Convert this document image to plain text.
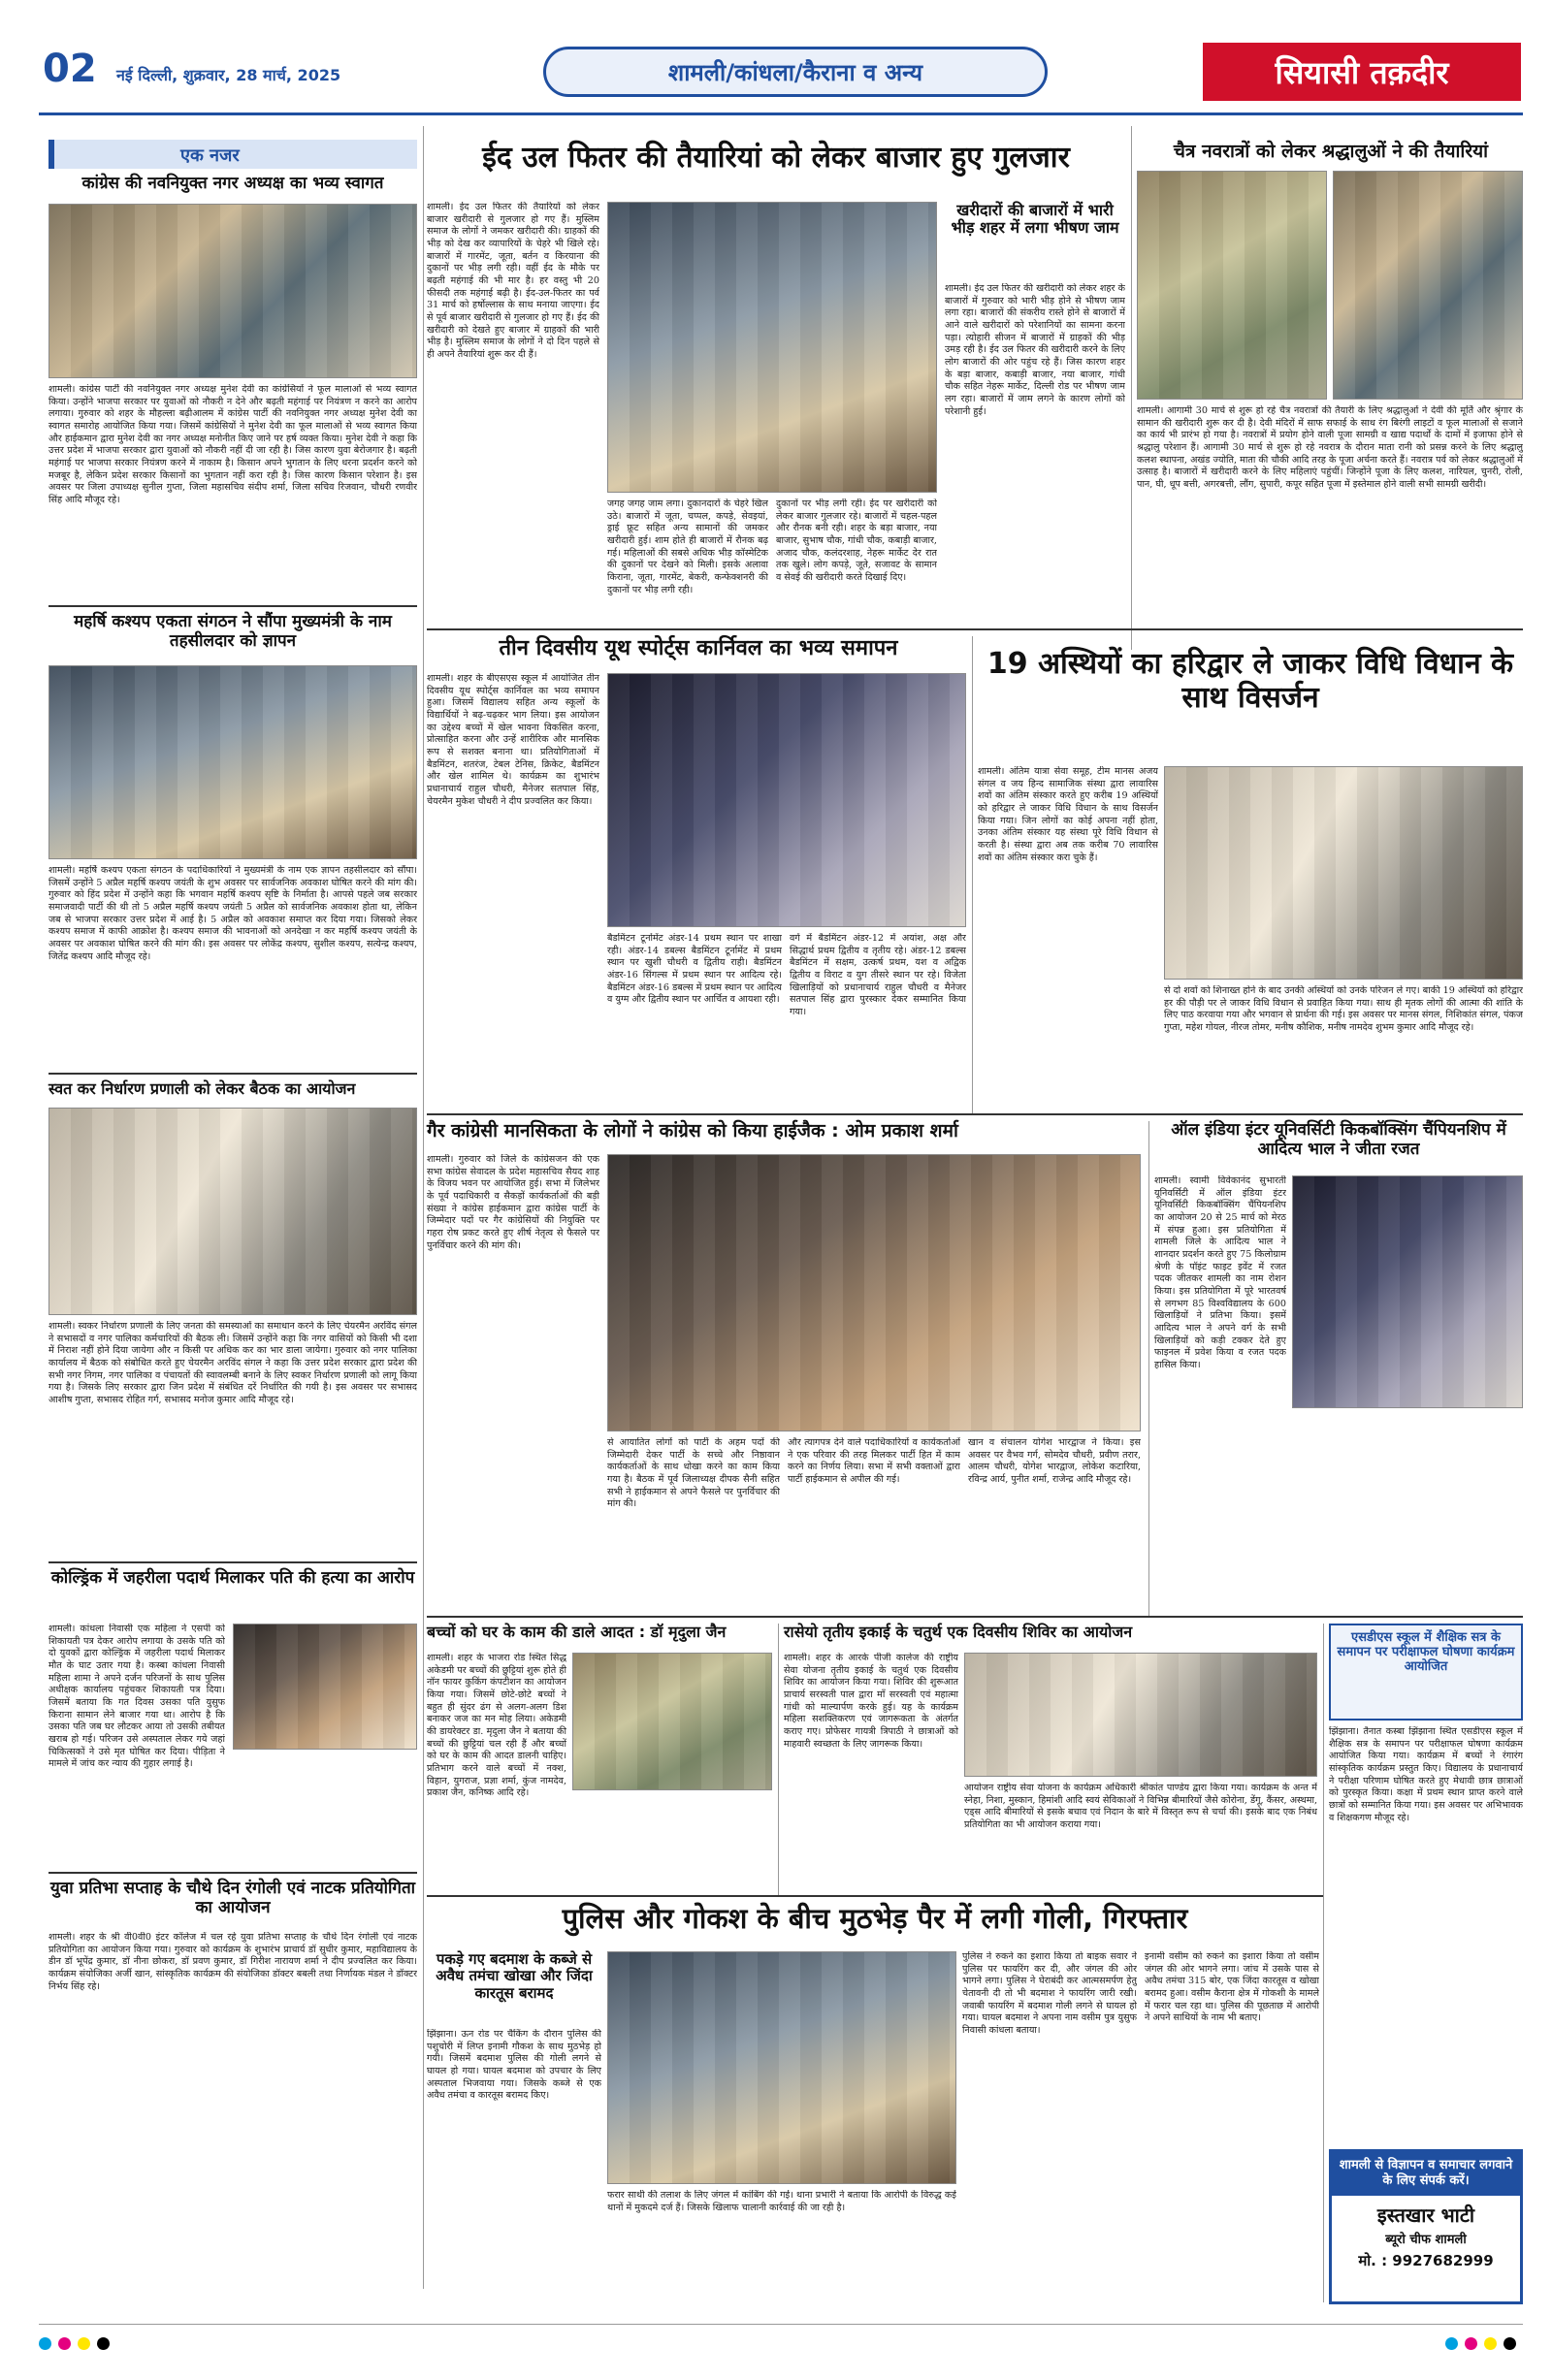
02 नई दिल्ली, शुक्रवार, 28 मार्च, 2025	शामली/कांधला/कैराना व अन्य	सियासी तक़दीर
एक नजर
कांग्रेस की नवनियुक्त नगर अध्यक्ष का भव्य स्वागत
शामली। कांग्रेस पार्टी की नवनियुक्त नगर अध्यक्ष मुनेश देवी का कांग्रेसियों ने फूल मालाओं से भव्य स्वागत किया। उन्होंने भाजपा सरकार पर युवाओं को नौकरी न देने और बढ़ती महंगाई पर नियंत्रण न करने का आरोप लगाया। गुरुवार को शहर के मौहल्ला बढ़ीआलम में कांग्रेस पार्टी की नवनियुक्त नगर अध्यक्ष मुनेश देवी का स्वागत समारोह आयोजित किया गया। जिसमें कांग्रेसियों ने मुनेश देवी का फूल मालाओं से भव्य स्वागत किया और हाईकमान द्वारा मुनेश देवी का नगर अध्यक्ष मनोनीत किए जाने पर हर्ष व्यक्त किया। मुनेश देवी ने कहा कि उत्तर प्रदेश में भाजपा सरकार द्वारा युवाओं को नौकरी नहीं दी जा रही है। जिस कारण युवा बेरोजगार है। बढ़ती महंगाई पर भाजपा सरकार नियंत्रण करने में नाकाम है। किसान अपने भुगतान के लिए धरना प्रदर्शन करने को मजबूर है, लेकिन प्रदेश सरकार किसानों का भुगतान नहीं करा रही है। जिस कारण किसान परेशान है। इस अवसर पर जिला उपाध्यक्ष सुनील गुप्ता, जिला महासचिव संदीप शर्मा, जिला सचिव रिजवान, चौधरी रणवीर सिंह आदि मौजूद रहे।
महर्षि कश्यप एकता संगठन ने सौंपा मुख्यमंत्री के नाम तहसीलदार को ज्ञापन
शामली। महर्षि कश्यप एकता संगठन के पदाधिकारियों ने मुख्यमंत्री के नाम एक ज्ञापन तहसीलदार को सौंपा। जिसमें उन्होंने 5 अप्रैल महर्षि कश्यप जयंती के शुभ अवसर पर सार्वजनिक अवकाश घोषित करने की मांग की। गुरुवार को हिंद प्रदेश में उन्होंने कहा कि भगवान महर्षि कश्यप सृष्टि के निर्माता है। आपसे पहले जब सरकार समाजवादी पार्टी की थी तो 5 अप्रैल महर्षि कश्यप जयंती 5 अप्रैल को सार्वजनिक अवकाश होता था, लेकिन जब से भाजपा सरकार उत्तर प्रदेश में आई है। 5 अप्रैल को अवकाश समाप्त कर दिया गया। जिसको लेकर कश्यप समाज में काफी आक्रोश है। कश्यप समाज की भावनाओं को अनदेखा न कर महर्षि कश्यप जयंती के अवसर पर अवकाश घोषित करने की मांग की। इस अवसर पर लोकेंद्र कश्यप, सुशील कश्यप, सत्येन्द्र कश्यप, जितेंद्र कश्यप आदि मौजूद रहे।
स्वत कर निर्धारण प्रणाली को लेकर बैठक का आयोजन
शामली। स्वकर निर्धारण प्रणाली के लिए जनता की समस्याओं का समाधान करने के लिए चेयरमैन अरविंद संगल ने सभासदों व नगर पालिका कर्मचारियों की बैठक ली। जिसमें उन्होंने कहा कि नगर वासियों को किसी भी दशा में निराश नहीं होने दिया जायेगा और न किसी पर अधिक कर का भार डाला जायेगा। गुरुवार को नगर पालिका कार्यालय में बैठक को संबोधित करते हुए चेयरमैन अरविंद संगल ने कहा कि उत्तर प्रदेश सरकार द्वारा प्रदेश की सभी नगर निगम, नगर पालिका व पंचायतों की स्वावलम्बी बनाने के लिए स्वकर निर्धारण प्रणाली को लागू किया गया है। जिसके लिए सरकार द्वारा जिन प्रदेश में संबंधित दरें निर्धारित की गयी है। इस अवसर पर सभासद आशीष गुप्ता, सभासद रोहित गर्ग, सभासद मनोज कुमार आदि मौजूद रहे।
कोल्ड्रिंक में जहरीला पदार्थ मिलाकर पति की हत्या का आरोप
शामली। कांधला निवासी एक महिला ने एसपी को शिकायती पत्र देकर आरोप लगाया के उसके पति को दो युवकों द्वारा कोल्ड्रिंक में जहरीला पदार्थ मिलाकर मौत के घाट उतार गया है। कस्बा कांधला निवासी महिला शामा ने अपने दर्जन परिजनों के साथ पुलिस अधीक्षक कार्यालय पहुंचकर शिकायती पत्र दिया। जिसमें बताया कि गत दिवस उसका पति युसुफ किराना सामान लेने बाजार गया था। आरोप है कि उसका पति जब घर लौटकर आया तो उसकी तबीयत खराब हो गई। परिजन उसे अस्पताल लेकर गये जहां चिकित्सकों ने उसे मृत घोषित कर दिया। पीड़िता ने मामले में जांच कर न्याय की गुहार लगाई है।
युवा प्रतिभा सप्ताह के चौथे दिन रंगोली एवं नाटक प्रतियोगिता का आयोजन
शामली। शहर के श्री वी0वी0 इंटर कॉलेज में चल रहे युवा प्रतिभा सप्ताह के चौथे दिन रंगोली एवं नाटक प्रतियोगिता का आयोजन किया गया। गुरुवार को कार्यक्रम के शुभारंभ प्राचार्य डॉ सुधीर कुमार, महाविद्यालय के डीन डॉ भूपेंद्र कुमार, डॉ नीना छोकरा, डॉ प्रवण कुमार, डॉ गिरीश नारायण शर्मा ने दीप प्रज्वलित कर किया। कार्यक्रम संयोजिका अर्जी खान, सांस्कृतिक कार्यक्रम की संयोजिका डॉक्टर बबली तथा निर्णायक मंडल ने डॉक्टर निर्भय सिंह रहे।
ईद उल फितर की तैयारियां को लेकर बाजार हुए गुलजार
शामली। ईद उल फितर की तैयारियों को लेकर बाजार खरीदारी से गुलजार हो गए हैं। मुस्लिम समाज के लोगों ने जमकर खरीदारी की। ग्राहकों की भीड़ को देख कर व्यापारियों के चेहरे भी खिले रहे। बाजारों में गारमेंट, जूता, बर्तन व किरयाना की दुकानों पर भीड़ लगी रही। वहीं ईद के मौके पर बढ़ती महंगाई की भी मार है। हर वस्तु भी 20 फीसदी तक महंगाई बढ़ी है। ईद-उल-फितर का पर्व 31 मार्च को हर्षोल्लास के साथ मनाया जाएगा। ईद से पूर्व बाजार खरीदारी से गुलजार हो गए हैं। ईद की खरीदारी को देखते हुए बाजार में ग्राहकों की भारी भीड़ है। मुस्लिम समाज के लोगों ने दो दिन पहले से ही अपने तैयारियां शुरू कर दी हैं।
जगह जगह जाम लगा। दुकानदारों के चेहरे खिल उठे। बाजारों में जूता, चप्पल, कपड़े, सेवइयां, ड्राई फ्रूट सहित अन्य सामानों की जमकर खरीदारी हुई। शाम होते ही बाजारों में रौनक बढ़ गई। महिलाओं की सबसे अधिक भीड़ कॉस्मेटिक की दुकानों पर देखने को मिली। इसके अलावा किराना, जूता, गारमेंट, बेकरी, कन्फेक्शनरी की दुकानों पर भीड़ लगी रही।
दुकानों पर भीड़ लगी रही। ईद पर खरीदारी को लेकर बाजार गुलजार रहे। बाजारों में चहल-पहल और रौनक बनी रही। शहर के बड़ा बाजार, नया बाजार, सुभाष चौक, गांधी चौक, कबाड़ी बाजार, अजाद चौक, कलंदरशाह, नेहरू मार्केट देर रात तक खुले। लोग कपड़े, जूते, सजावट के सामान व सेवई की खरीदारी करते दिखाई दिए।
खरीदारों की बाजारों में भारी भीड़ शहर में लगा भीषण जाम
शामली। ईद उल फितर की खरीदारी को लेकर शहर के बाजारों में गुरुवार को भारी भीड़ होने से भीषण जाम लगा रहा। बाजारों की संकरीय रास्ते होने से बाजारों में आने वाले खरीदारों को परेशानियों का सामना करना पड़ा। त्योहारी सीजन में बाजारों में ग्राहकों की भीड़ उमड़ रही है। ईद उल फितर की खरीदारी करने के लिए लोग बाजारों की ओर पहुंच रहे हैं। जिस कारण शहर के बड़ा बाजार, कबाड़ी बाजार, नया बाजार, गांधी चौक सहित नेहरू मार्केट, दिल्ली रोड पर भीषण जाम लग रहा। बाजारों में जाम लगने के कारण लोगों को परेशानी हुई।
चैत्र नवरात्रों को लेकर श्रद्धालुओं ने की तैयारियां
शामली। आगामी 30 मार्च से शुरू हो रहे चैत्र नवरात्रों की तैयारी के लिए श्रद्धालुओं ने देवी की मूर्ति और श्रृंगार के सामान की खरीदारी शुरू कर दी है। देवी मंदिरों में साफ सफाई के साथ रंग बिरंगी लाइटों व फूल मालाओं से सजाने का कार्य भी प्रारंभ हो गया है। नवरात्रों में प्रयोग होने वाली पूजा सामग्री व खाद्य पदार्थों के दामों में इजाफा होने से श्रद्धालु परेशान हैं। आगामी 30 मार्च से शुरू हो रहे नवरात्र के दौरान माता रानी को प्रसन्न करने के लिए श्रद्धालु कलश स्थापना, अखंड ज्योति, माता की चौकी आदि तरह के पूजा अर्चना करते हैं। नवरात्र पर्व को लेकर श्रद्धालुओं में उत्साह है। बाजारों में खरीदारी करने के लिए महिलाएं पहुंचीं। जिन्होंने पूजा के लिए कलश, नारियल, चुनरी, रोली, पान, घी, धूप बत्ती, अगरबत्ती, लौंग, सुपारी, कपूर सहित पूजा में इस्तेमाल होने वाली सभी सामग्री खरीदी।
तीन दिवसीय यूथ स्पोर्ट्स कार्निवल का भव्य समापन
शामली। शहर के बीएसएस स्कूल में आयोजित तीन दिवसीय यूथ स्पोर्ट्स कार्निवल का भव्य समापन हुआ। जिसमें विद्यालय सहित अन्य स्कूलों के विद्यार्थियों ने बढ़-चढ़कर भाग लिया। इस आयोजन का उद्देश्य बच्चों में खेल भावना विकसित करना, प्रोत्साहित करना और उन्हें शारीरिक और मानसिक रूप से सशक्त बनाना था। प्रतियोगिताओं में बैडमिंटन, शतरंज, टेबल टेनिस, क्रिकेट, बैडमिंटन और खेल शामिल थे। कार्यक्रम का शुभारंभ प्रधानाचार्य राहुल चौधरी, मैनेजर सतपाल सिंह, चेयरमैन मुकेश चौधरी ने दीप प्रज्वलित कर किया।
बैडमिंटन टूर्नामेंट अंडर-14 प्रथम स्थान पर शाखा रही। अंडर-14 डबल्स बैडमिंटन टूर्नामेंट में प्रथम स्थान पर खुशी चौधरी व द्वितीय राही। बैडमिंटन अंडर-16 सिंगल्स में प्रथम स्थान पर आदित्य रहे। बैडमिंटन अंडर-16 डबल्स में प्रथम स्थान पर आदित्य व युग्म और द्वितीय स्थान पर आर्चित व आयशा रही।
वर्ग में बैडमिंटन अंडर-12 में अयांश, अक्ष और सिद्धार्थ प्रथम द्वितीय व तृतीय रहे। अंडर-12 डबल्स बैडमिंटन में सक्षम, उत्कर्ष प्रथम, यश व अद्विक द्वितीय व विराट व युग तीसरे स्थान पर रहे। विजेता खिलाड़ियों को प्रधानाचार्य राहुल चौधरी व मैनेजर सतपाल सिंह द्वारा पुरस्कार देकर सम्मानित किया गया।
19 अस्थियों का हरिद्वार ले जाकर विधि विधान के साथ विसर्जन
शामली। अंतिम यात्रा सेवा समूह, टीम मानस अजय संगल व जय हिन्द सामाजिक संस्था द्वारा लावारिस शवों का अंतिम संस्कार करते हुए करीब 19 अस्थियों को हरिद्वार ले जाकर विधि विधान के साथ विसर्जन किया गया। जिन लोगों का कोई अपना नहीं होता, उनका अंतिम संस्कार यह संस्था पूरे विधि विधान से करती है। संस्था द्वारा अब तक करीब 70 लावारिस शवों का अंतिम संस्कार करा चुके हैं।
से दो शवों को शिनाख्त होने के बाद उनकी अस्थियों को उनके परिजन ले गए। बाकी 19 अस्थियों को हरिद्वार हर की पौड़ी पर ले जाकर विधि विधान से प्रवाहित किया गया। साथ ही मृतक लोगों की आत्मा की शांति के लिए पाठ करवाया गया और भगवान से प्रार्थना की गई। इस अवसर पर मानस संगल, निशिकांत संगल, पंकज गुप्ता, महेश गोयल, नीरज तोमर, मनीष कौशिक, मनीष नामदेव शुभम कुमार आदि मौजूद रहे।
गैर कांग्रेसी मानसिकता के लोगों ने कांग्रेस को किया हाईजैक : ओम प्रकाश शर्मा
शामली। गुरुवार को जिले के कांग्रेसजन की एक सभा कांग्रेस सेवादल के प्रदेश महासचिव सैयद शाह के विजय भवन पर आयोजित हुई। सभा में जिलेभर के पूर्व पदाधिकारी व सैकड़ों कार्यकर्ताओं की बड़ी संख्या ने कांग्रेस हाईकमान द्वारा कांग्रेस पार्टी के जिम्मेदार पदों पर गैर कांग्रेसियों की नियुक्ति पर गहरा रोष प्रकट करते हुए शीर्ष नेतृत्व से फैसले पर पुनर्विचार करने की मांग की।
से आयातित लोगों को पार्टी के अहम पदों की जिम्मेदारी देकर पार्टी के सच्चे और निष्ठावान कार्यकर्ताओं के साथ धोखा करने का काम किया गया है। बैठक में पूर्व जिलाध्यक्ष दीपक सैनी सहित सभी ने हाईकमान से अपने फैसले पर पुनर्विचार की मांग की।
और त्यागपत्र देने वाले पदाधिकारियों व कार्यकर्ताओं ने एक परिवार की तरह मिलकर पार्टी हित में काम करने का निर्णय लिया। सभा में सभी वक्ताओं द्वारा पार्टी हाईकमान से अपील की गई।
खान व संचालन योगेश भारद्वाज ने किया। इस अवसर पर वैभव गर्ग, सोमदेव चौधरी, प्रवीण तरार, आलम चौधरी, योगेश भारद्वाज, लोकेश कटारिया, रविन्द्र आर्य, पुनीत शर्मा, राजेन्द्र आदि मौजूद रहे।
ऑल इंडिया इंटर यूनिवर्सिटी किकबॉक्सिंग चैंपियनशिप में आदित्य भाल ने जीता रजत
शामली। स्वामी विवेकानंद सुभारती यूनिवर्सिटी में ऑल इंडिया इंटर यूनिवर्सिटी किकबॉक्सिंग चैंपियनशिप का आयोजन 20 से 25 मार्च को मेरठ में संपन्न हुआ। इस प्रतियोगिता में शामली जिले के आदित्य भाल ने शानदार प्रदर्शन करते हुए 75 किलोग्राम श्रेणी के पॉइंट फाइट इवेंट में रजत पदक जीतकर शामली का नाम रोशन किया। इस प्रतियोगिता में पूरे भारतवर्ष से लगभग 85 विश्वविद्यालय के 600 खिलाड़ियों ने प्रतिभा किया। इसमें आदित्य भाल ने अपने वर्ग के सभी खिलाड़ियों को कड़ी टक्कर देते हुए फाइनल में प्रवेश किया व रजत पदक हासिल किया।
बच्चों को घर के काम की डाले आदत : डॉ मृदुला जैन
शामली। शहर के भाजरा रोड स्थित सिद्ध अकेडमी पर बच्चों की छुट्टियां शुरू होते ही नॉन फायर कुकिंग कंपटीशन का आयोजन किया गया। जिसमें छोटे-छोटे बच्चों ने बहुत ही सुंदर ढंग से अलग-अलग डिश बनाकर जज का मन मोह लिया। अकेडमी की डायरेक्टर डा. मृदुला जैन ने बताया की बच्चों की छुट्टियां चल रही हैं और बच्चों को घर के काम की आदत डालनी चाहिए। प्रतिभाग करने वाले बच्चों में नक्श, विहान, युगराज, प्रज्ञा शर्मा, कुंज नामदेव, प्रकाश जैन, कनिष्क आदि रहे।
रासेयो तृतीय इकाई के चतुर्थ एक दिवसीय शिविर का आयोजन
शामली। शहर के आरके पीजी कालेज की राष्ट्रीय सेवा योजना तृतीय इकाई के चतुर्थ एक दिवसीय शिविर का आयोजन किया गया। शिविर की शुरूआत प्राचार्य सरस्वती पाल द्वारा माँ सरस्वती एवं महात्मा गांधी को माल्यार्पण करके हुई। यह के कार्यक्रम महिला सशक्तिकरण एवं जागरूकता के अंतर्गत कराए गए। प्रोफेसर गायत्री त्रिपाठी ने छात्राओं को माहवारी स्वच्छता के लिए जागरूक किया।
आयोजन राष्ट्रीय सेवा योजना के कार्यक्रम अधिकारी श्रीकांत पाण्डेय द्वारा किया गया। कार्यक्रम के अन्त में स्नेहा, निशा, मुस्कान, हिमांशी आदि स्वयं सेविकाओं ने विभिन्न बीमारियों जैसे कोरोना, डेंगू, कैंसर, अस्थमा, एड्स आदि बीमारियों से इसके बचाव एवं निदान के बारे में विस्तृत रूप से चर्चा की। इसके बाद एक निबंध प्रतियोगिता का भी आयोजन कराया गया।
एसडीएस स्कूल में शैक्षिक सत्र के समापन पर परीक्षाफल घोषणा कार्यक्रम आयोजित
झिंझाना। तैनात कस्बा झिंझाना स्थित एसडीएस स्कूल में शैक्षिक सत्र के समापन पर परीक्षाफल घोषणा कार्यक्रम आयोजित किया गया। कार्यक्रम में बच्चों ने रंगारंग सांस्कृतिक कार्यक्रम प्रस्तुत किए। विद्यालय के प्रधानाचार्य ने परीक्षा परिणाम घोषित करते हुए मेधावी छात्र छात्राओं को पुरस्कृत किया। कक्षा में प्रथम स्थान प्राप्त करने वाले छात्रों को सम्मानित किया गया। इस अवसर पर अभिभावक व शिक्षकगण मौजूद रहे।
पुलिस और गोकश के बीच मुठभेड़ पैर में लगी गोली, गिरफ्तार
पकड़े गए बदमाश के कब्जे से अवैध तमंचा खोखा और जिंदा कारतूस बरामद
झिंझाना। ऊन रोड पर चैकिंग के दौरान पुलिस की पशुचोरी में लिप्त इनामी गौकश के साथ मुठभेड़ हो गयी। जिसमें बदमाश पुलिस की गोली लगने से घायल हो गया। घायल बदमाश को उपचार के लिए अस्पताल भिजवाया गया। जिसके कब्जे से एक अवैध तमंचा व कारतूस बरामद किए।
पुलिस ने रुकने का इशारा किया तो बाइक सवार ने पुलिस पर फायरिंग कर दी, और जंगल की ओर भागने लगा। पुलिस ने घेराबंदी कर आत्मसमर्पण हेतु चेतावनी दी तो भी बदमाश ने फायरिंग जारी रखी। जवाबी फायरिंग में बदमाश गोली लगने से घायल हो गया। घायल बदमाश ने अपना नाम वसीम पुत्र युसुफ निवासी कांधला बताया।
इनामी वसीम को रुकने का इशारा किया तो वसीम जंगल की ओर भागने लगा। जांच में उसके पास से अवैध तमंचा 315 बोर, एक जिंदा कारतूस व खोखा बरामद हुआ। वसीम कैराना क्षेत्र में गोकशी के मामले में फरार चल रहा था। पुलिस की पूछताछ में आरोपी ने अपने साथियों के नाम भी बताए।
फरार साथी की तलाश के लिए जंगल में कांबिंग की गई। थाना प्रभारी ने बताया कि आरोपी के विरुद्ध कई थानों में मुकदमे दर्ज हैं। जिसके खिलाफ चालानी कार्रवाई की जा रही है।
शामली से विज्ञापन व समाचार लगवाने के लिए संपर्क करें।
इस्तखार भाटी
ब्यूरो चीफ शामली
मो. : 9927682999
